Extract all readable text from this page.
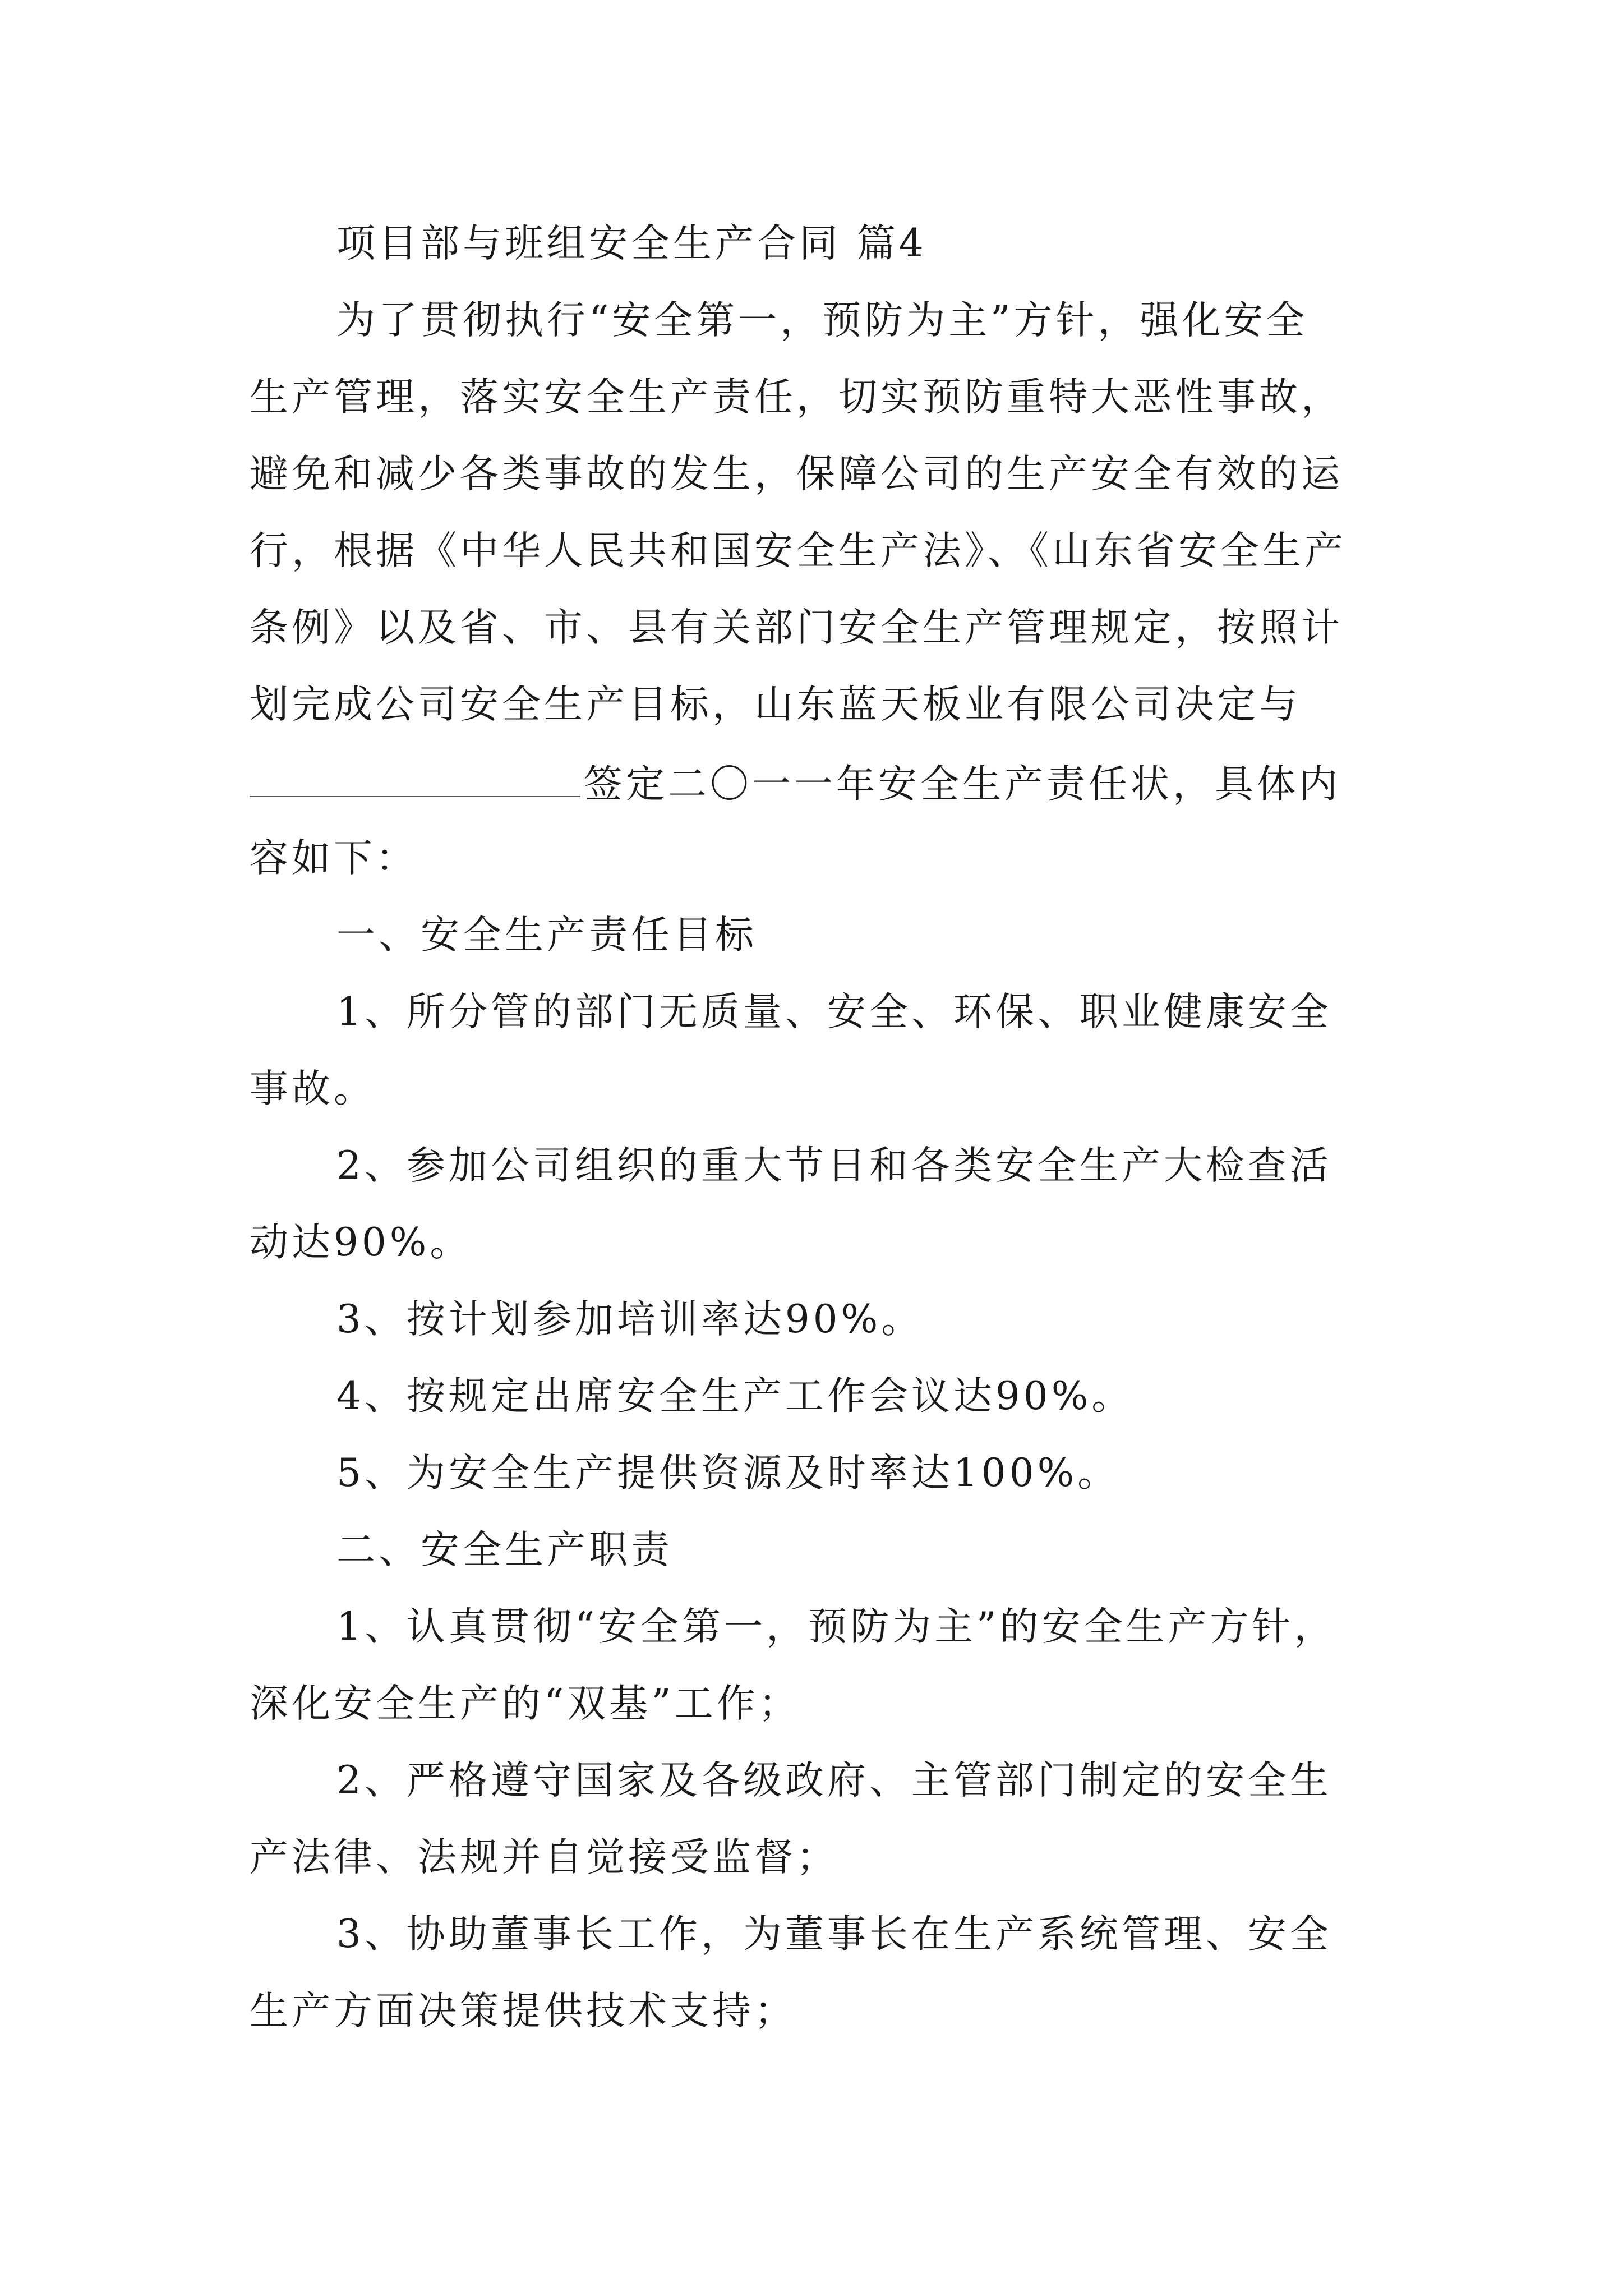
项目部与班组安全生产合同 篇4
为了贯彻执行“安全第一，预防为主”方针，强化安全
生产管理，落实安全生产责任，切实预防重特大恶性事故，
避免和减少各类事故的发生，保障公司的生产安全有效的运
行，根据《中华人民共和国安全生产法》、《山东省安全生产
条例》以及省、市、县有关部门安全生产管理规定，按照计
划完成公司安全生产目标，山东蓝天板业有限公司决定与
签定二〇一一年安全生产责任状，具体内
容如下：
一、安全生产责任目标
1、所分管的部门无质量、安全、环保、职业健康安全
事故。
2、参加公司组织的重大节日和各类安全生产大检查活
动达90%。
3、按计划参加培训率达90%。
4、按规定出席安全生产工作会议达90%。
5、为安全生产提供资源及时率达100%。
二、安全生产职责
1、认真贯彻“安全第一，预防为主”的安全生产方针，
深化安全生产的“双基”工作；
2、严格遵守国家及各级政府、主管部门制定的安全生
产法律、法规并自觉接受监督；
3、协助董事长工作，为董事长在生产系统管理、安全
生产方面决策提供技术支持；
